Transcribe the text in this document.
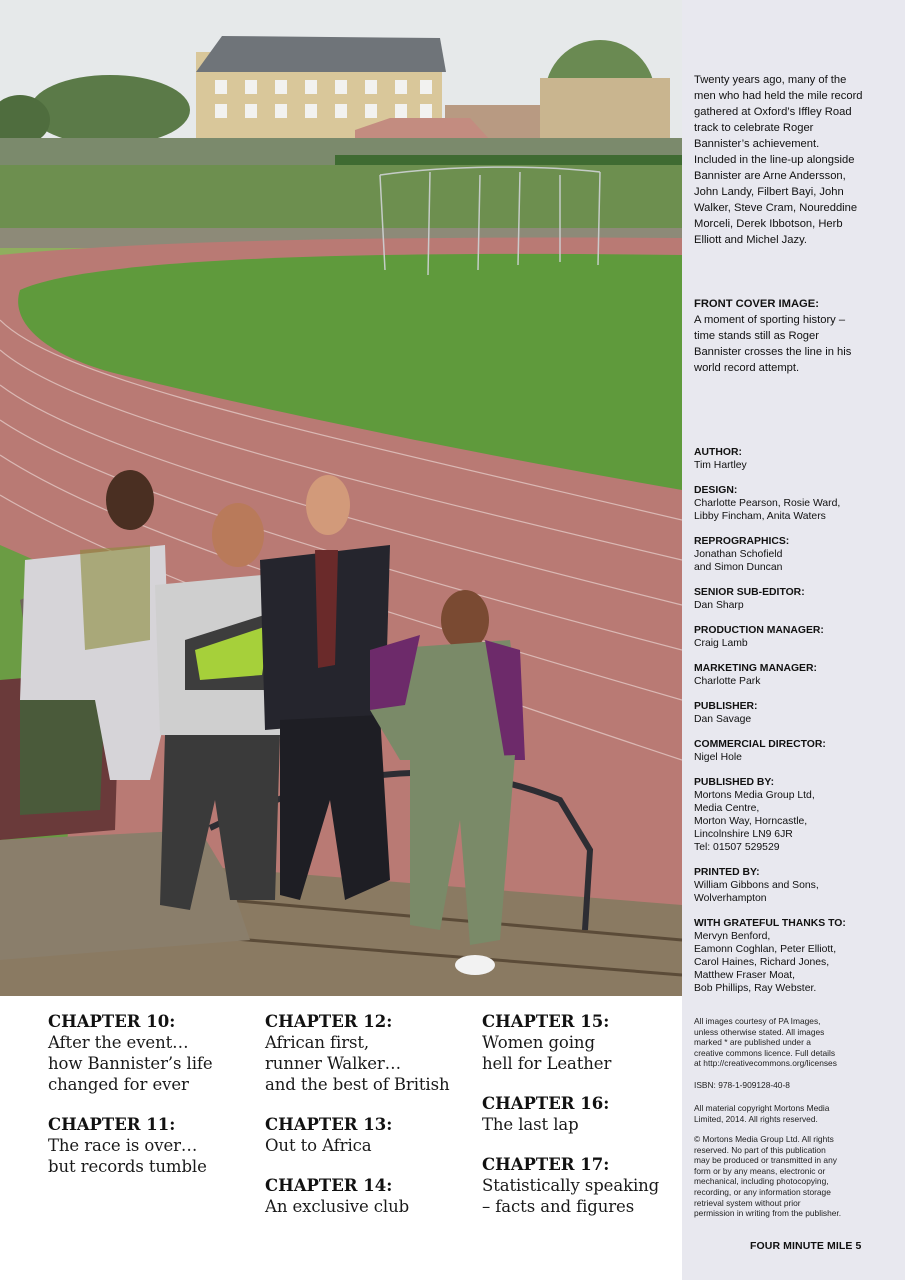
CHAPTER 10:
After the event…
how Bannister’s life
changed for ever
CHAPTER 11:
The race is over…
but records tumble
CHAPTER 12:
African first,
runner Walker…
and the best of British
CHAPTER 13:
Out to Africa
CHAPTER 14:
An exclusive club
CHAPTER 15:
Women going
hell for Leather
CHAPTER 16:
The last lap
CHAPTER 17:
Statistically speaking
– facts and figures
Twenty years ago, many of the men who had held the mile record gathered at Oxford’s Iffley Road track to celebrate Roger Bannister’s achievement. Included in the line-up alongside Bannister are Arne Andersson, John Landy, Filbert Bayi, John Walker, Steve Cram, Noureddine Morceli, Derek Ibbotson, Herb Elliott and Michel Jazy.
FRONT COVER IMAGE:
A moment of sporting history – time stands still as Roger Bannister crosses the line in his world record attempt.
AUTHOR:
Tim Hartley
DESIGN:
Charlotte Pearson, Rosie Ward,
Libby Fincham, Anita Waters
REPROGRAPHICS:
Jonathan Schofield
and Simon Duncan
SENIOR SUB-EDITOR:
Dan Sharp
PRODUCTION MANAGER:
Craig Lamb
MARKETING MANAGER:
Charlotte Park
PUBLISHER:
Dan Savage
COMMERCIAL DIRECTOR:
Nigel Hole
PUBLISHED BY:
Mortons Media Group Ltd,
Media Centre,
Morton Way, Horncastle,
Lincolnshire LN9 6JR
Tel: 01507 529529
PRINTED BY:
William Gibbons and Sons,
Wolverhampton
WITH GRATEFUL THANKS TO:
Mervyn Benford,
Eamonn Coghlan, Peter Elliott,
Carol Haines, Richard Jones,
Matthew Fraser Moat,
Bob Phillips, Ray Webster.
All images courtesy of PA Images,
unless otherwise stated. All images
marked * are published under a
creative commons licence. Full details
at http://creativecommons.org/licenses
ISBN: 978-1-909128-40-8
All material copyright Mortons Media
Limited, 2014. All rights reserved.
© Mortons Media Group Ltd. All rights
reserved. No part of this publication
may be produced or transmitted in any
form or by any means, electronic or
mechanical, including photocopying,
recording, or any information storage
retrieval system without prior
permission in writing from the publisher.
FOUR MINUTE MILE 5
